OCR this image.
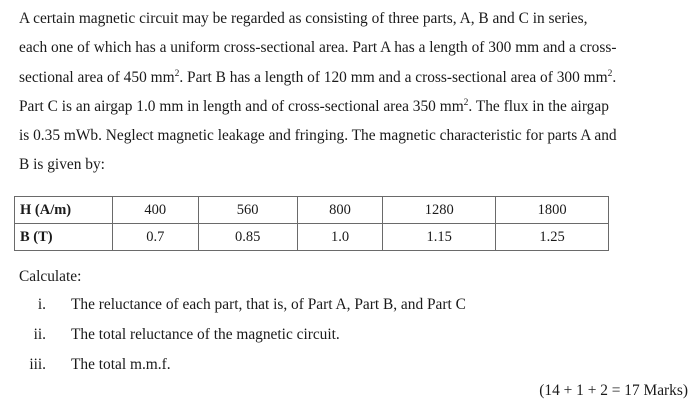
A certain magnetic circuit may be regarded as consisting of three parts, A, B and C in series,
each one of which has a uniform cross-sectional area. Part A has a length of 300 mm and a cross-
sectional area of 450 $mm^2$. Part B has a length of 120 mm and a cross-sectional area of 300 $mm^2$.
Part C is an airgap 1.0 mm in length and of cross-sectional area 350 $mm^2$. The flux in the airgap
is 0.35 mWb. Neglect magnetic leakage and fringing. The magnetic characteristic for parts A and
B is given by:
H (A/m)	400	560	800	1280	1800
B (T)	0.7	0.85	1.0	1.15	1.25

Calculate:

i. The reluctance of each part, that is, of Part A, Part B, and Part C
ii. The total reluctance of the magnetic circuit.
iii. The total m.m.f.
(14 + 1 + 2 = 17 Marks)
